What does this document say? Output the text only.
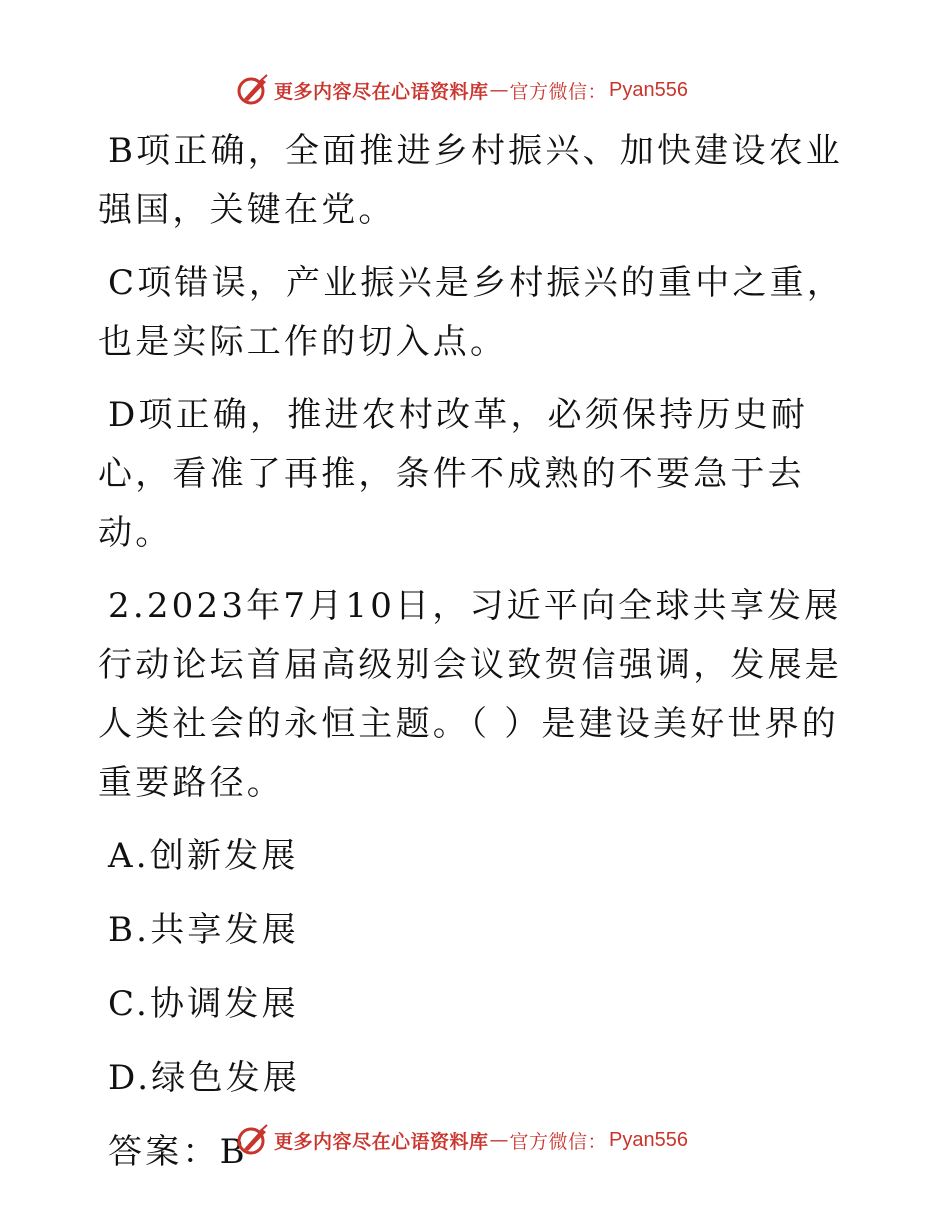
更多内容尽在心语资料库 — 官方微信： Pyan556

B项正确，全面推进乡村振兴、加快建设农业强国，关键在党。

C项错误，产业振兴是乡村振兴的重中之重，也是实际工作的切入点。

D项正确，推进农村改革，必须保持历史耐心，看准了再推，条件不成熟的不要急于去动。

2.2023年7月10日，习近平向全球共享发展行动论坛首届高级别会议致贺信强调，发展是人类社会的永恒主题。（ ）是建设美好世界的重要路径。

A.创新发展
B.共享发展
C.协调发展
D.绿色发展
答案：B	更多内容尽在心语资料库 — 官方微信： Pyan556
